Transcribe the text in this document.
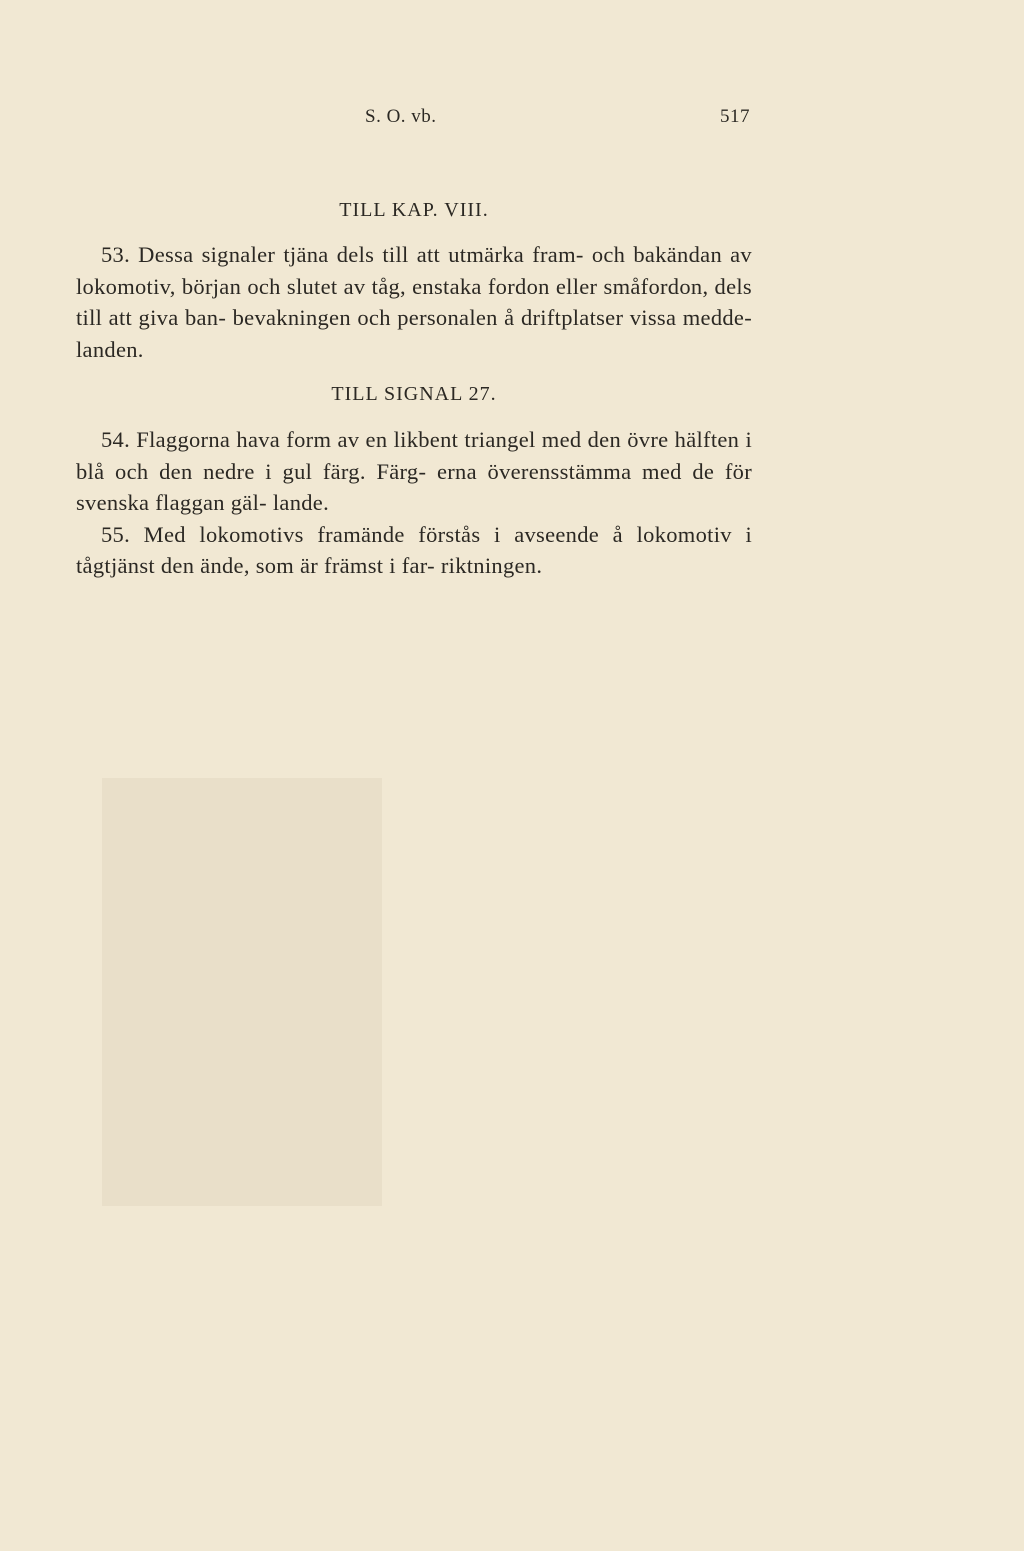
S. O. vb.	517
TILL KAP. VIII.

53. Dessa signaler tjäna dels till att utmärka fram- och bakändan av lokomotiv, början och slutet av tåg, enstaka fordon eller småfordon, dels till att giva ban- bevakningen och personalen å driftplatser vissa medde- landen.

TILL SIGNAL 27.

54. Flaggorna hava form av en likbent triangel med den övre hälften i blå och den nedre i gul färg. Färg- erna överensstämma med de för svenska flaggan gäl- lande.

55. Med lokomotivs framände förstås i avseende å lokomotiv i tågtjänst den ände, som är främst i far- riktningen.
